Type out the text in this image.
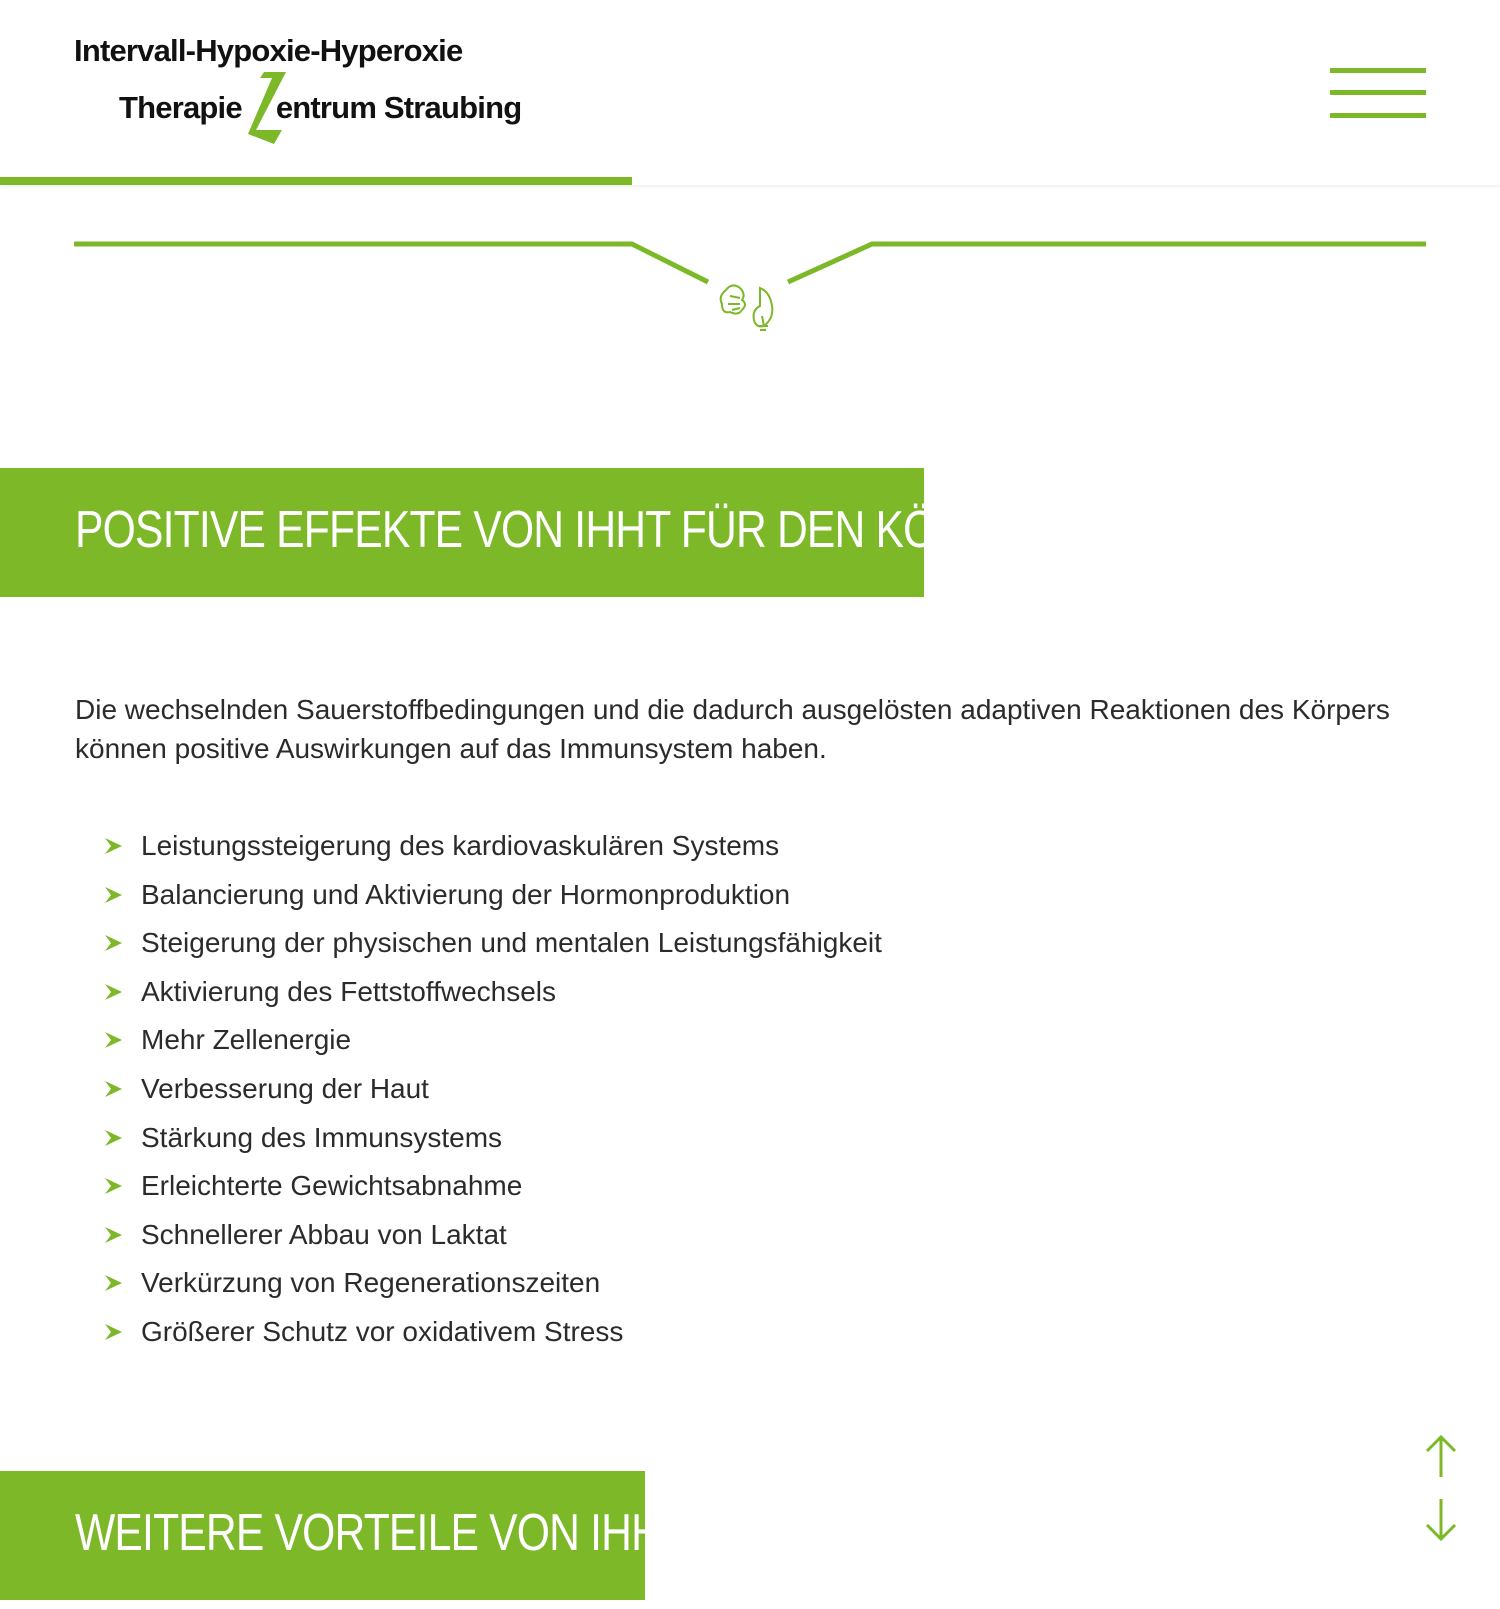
Intervall-Hypoxie-Hyperoxie
Therapie entrum Straubing
POSITIVE EFFEKTE VON IHHT FÜR DEN KÖRPER

Die wechselnden Sauerstoffbedingungen und die dadurch ausgelösten adaptiven Reaktionen des Körpers können positive Auswirkungen auf das Immunsystem haben.

Leistungssteigerung des kardiovaskulären Systems
Balancierung und Aktivierung der Hormonproduktion
Steigerung der physischen und mentalen Leistungsfähigkeit
Aktivierung des Fettstoffwechsels
Mehr Zellenergie
Verbesserung der Haut
Stärkung des Immunsystems
Erleichterte Gewichtsabnahme
Schnellerer Abbau von Laktat
Verkürzung von Regenerationszeiten
Größerer Schutz vor oxidativem Stress
WEITERE VORTEILE VON IHHT
